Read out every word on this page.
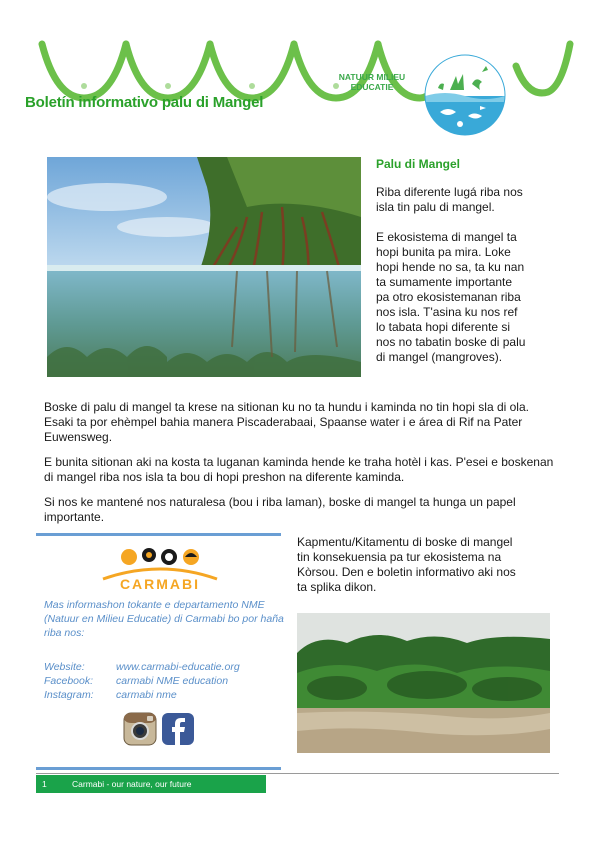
Boletín informativo palu di Mangel
NATUUR MILIEU
EDUCATIE
Palu di Mangel

Riba diferente lugá riba nos isla tin palu di mangel.

E ekosistema di mangel ta hopi bunita pa mira. Loke hopi hende no sa, ta ku nan ta sumamente importante pa otro ekosistemanan riba nos isla. T'asina ku nos ref lo tabata hopi diferente si nos no tabatin boske di palu di mangel (mangroves).

Boske di palu di mangel ta krese na sitionan ku no ta hundu i kaminda no tin hopi sla di ola. Esaki ta por ehèmpel bahia manera Piscaderabaai, Spaanse water i e área di Rif na Pater Euwensweg.

E bunita sitionan aki na kosta ta luganan kaminda hende ke traha hotèl i kas. P'esei e boskenan di mangel riba nos isla ta bou di hopi preshon na diferente kaminda.

Si nos ke mantené nos naturalesa (bou i riba laman), boske di mangel ta hunga un papel importante.

CARMABI
Mas informashon tokante e departamento NME (Natuur en Milieu Educatie) di Carmabi bo por haña riba nos:
Website:	www.carmabi-educatie.org
Facebook:	carmabi NME education
Instagram:	carmabi nme
Kapmentu/Kitamentu di boske di mangel tin konsekuensia pa tur ekosistema na Kòrsou. Den e boletin informativo aki nos ta splika dikon.
1	Carmabi - our nature, our future
